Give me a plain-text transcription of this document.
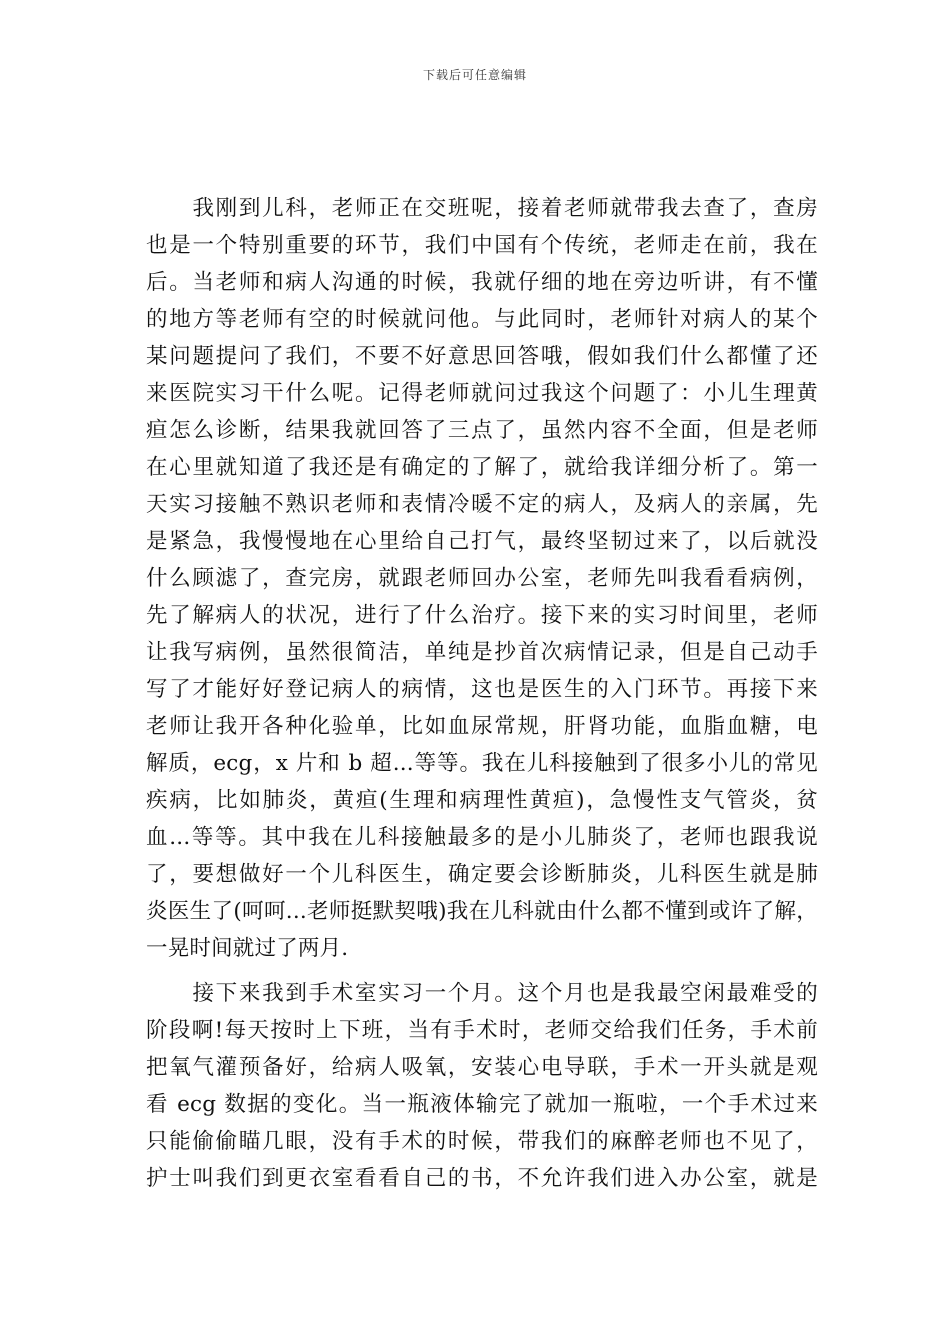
下载后可任意编辑
　　我刚到儿科，老师正在交班呢，接着老师就带我去查了，查房
也是一个特别重要的环节，我们中国有个传统，老师走在前，我在
后。当老师和病人沟通的时候，我就仔细的地在旁边听讲，有不懂
的地方等老师有空的时候就问他。与此同时，老师针对病人的某个
某问题提问了我们，不要不好意思回答哦，假如我们什么都懂了还
来医院实习干什么呢。记得老师就问过我这个问题了：小儿生理黄
疸怎么诊断，结果我就回答了三点了，虽然内容不全面，但是老师
在心里就知道了我还是有确定的了解了，就给我详细分析了。第一
天实习接触不熟识老师和表情冷暖不定的病人，及病人的亲属，先
是紧急，我慢慢地在心里给自己打气，最终坚韧过来了，以后就没
什么顾滤了，查完房，就跟老师回办公室，老师先叫我看看病例，
先了解病人的状况，进行了什么治疗。接下来的实习时间里，老师
让我写病例，虽然很简洁，单纯是抄首次病情记录，但是自己动手
写了才能好好登记病人的病情，这也是医生的入门环节。再接下来
老师让我开各种化验单，比如血尿常规，肝肾功能，血脂血糖，电
解质，ecg，x 片和 b 超...等等。我在儿科接触到了很多小儿的常见
疾病，比如肺炎，黄疸(生理和病理性黄疸)，急慢性支气管炎，贫
血...等等。其中我在儿科接触最多的是小儿肺炎了，老师也跟我说
了，要想做好一个儿科医生，确定要会诊断肺炎，儿科医生就是肺
炎医生了(呵呵...老师挺默契哦)我在儿科就由什么都不懂到或许了解，
一晃时间就过了两月.
　　接下来我到手术室实习一个月。这个月也是我最空闲最难受的
阶段啊!每天按时上下班，当有手术时，老师交给我们任务，手术前
把氧气灌预备好，给病人吸氧，安装心电导联，手术一开头就是观
看 ecg 数据的变化。当一瓶液体输完了就加一瓶啦，一个手术过来
只能偷偷瞄几眼，没有手术的时候，带我们的麻醉老师也不见了，
护士叫我们到更衣室看看自己的书，不允许我们进入办公室，就是
